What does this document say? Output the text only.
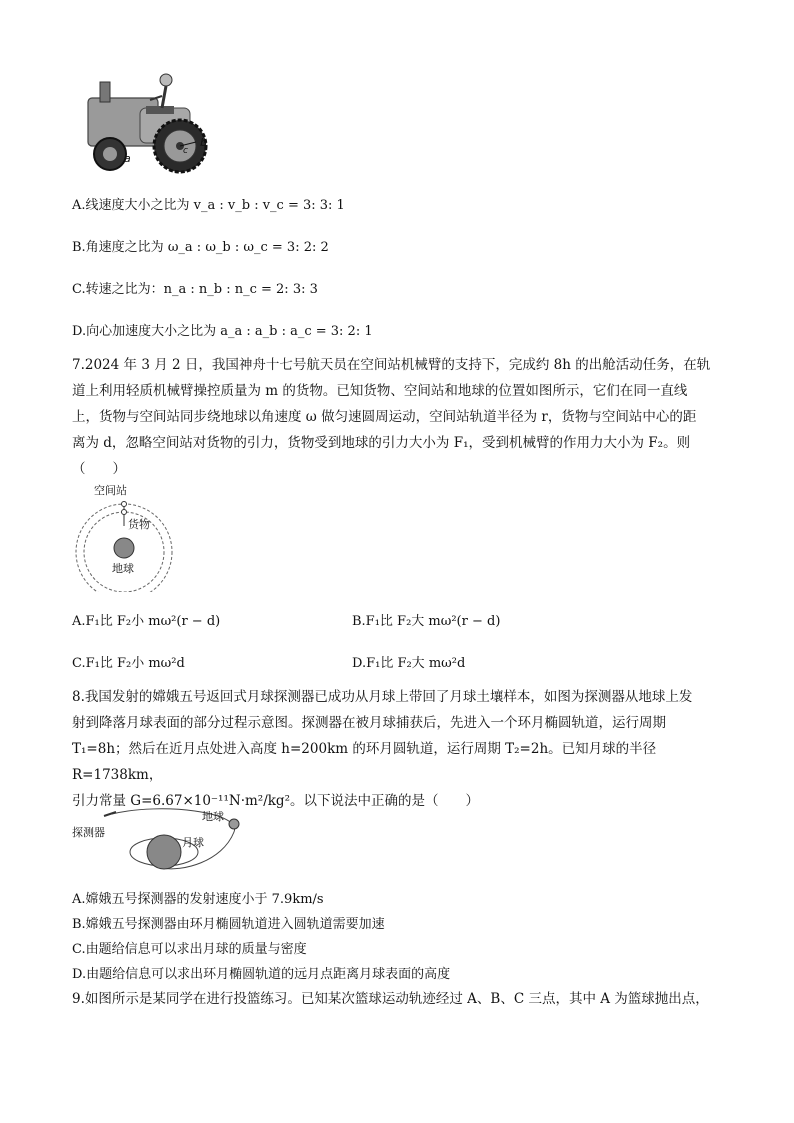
a
b
c
A.线速度大小之比为 v_a : v_b : v_c = 3: 3: 1
B.角速度之比为 ω_a : ω_b : ω_c = 3: 2: 2
C.转速之比为：n_a : n_b : n_c = 2: 3: 3
D.向心加速度大小之比为 a_a : a_b : a_c = 3: 2: 1
7.2024 年 3 月 2 日，我国神舟十七号航天员在空间站机械臂的支持下，完成约 8h 的出舱活动任务，在轨
道上利用轻质机械臂操控质量为 m 的货物。已知货物、空间站和地球的位置如图所示，它们在同一直线
上，货物与空间站同步绕地球以角速度 ω 做匀速圆周运动，空间站轨道半径为 r，货物与空间站中心的距
离为 d，忽略空间站对货物的引力，货物受到地球的引力大小为 F₁，受到机械臂的作用力大小为 F₂。则
（　　）
空间站
货物
地球
A.F₁比 F₂小 mω²(r − d)	B.F₁比 F₂大 mω²(r − d)
C.F₁比 F₂小 mω²d	D.F₁比 F₂大 mω²d
8.我国发射的嫦娥五号返回式月球探测器已成功从月球上带回了月球土壤样本，如图为探测器从地球上发
射到降落月球表面的部分过程示意图。探测器在被月球捕获后，先进入一个环月椭圆轨道，运行周期
T₁=8h；然后在近月点处进入高度 h=200km 的环月圆轨道，运行周期 T₂=2h。已知月球的半径 R=1738km，
引力常量 G=6.67×10⁻¹¹N·m²/kg²。以下说法中正确的是（　　）
地球
探测器
月球
A.嫦娥五号探测器的发射速度小于 7.9km/s
B.嫦娥五号探测器由环月椭圆轨道进入圆轨道需要加速
C.由题给信息可以求出月球的质量与密度
D.由题给信息可以求出环月椭圆轨道的远月点距离月球表面的高度
9.如图所示是某同学在进行投篮练习。已知某次篮球运动轨迹经过 A、B、C 三点，其中 A 为篮球抛出点，
